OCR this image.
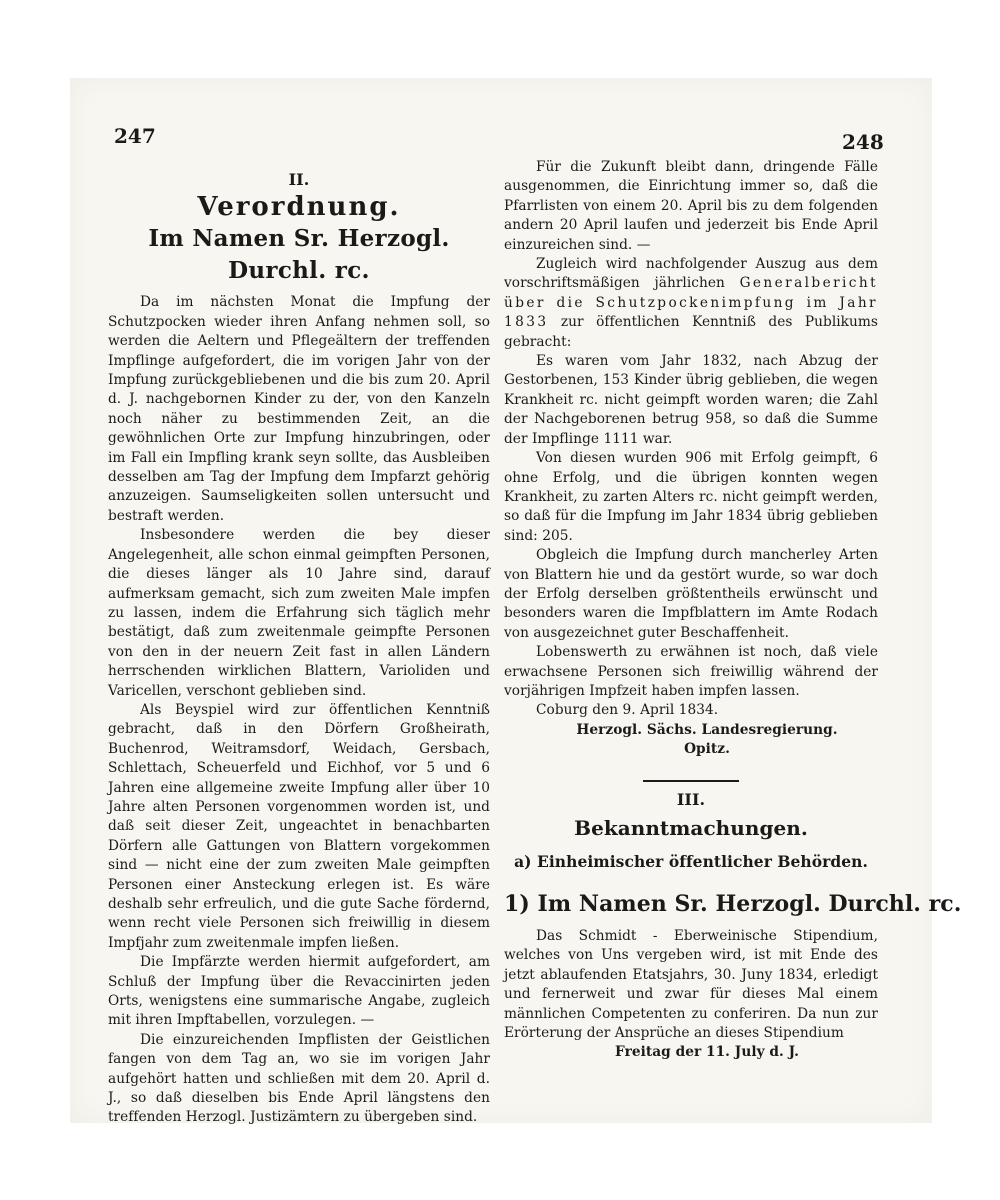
247	248
II.
Verordnung.
Im Namen Sr. Herzogl. Durchl. rc.

Da im nächsten Monat die Impfung der Schutzpocken wieder ihren Anfang nehmen soll, so werden die Aeltern und Pflegeältern der treffenden Impflinge aufgefordert, die im vorigen Jahr von der Impfung zurückgebliebenen und die bis zum 20. April d. J. nachgebornen Kinder zu der, von den Kanzeln noch näher zu bestimmenden Zeit, an die gewöhnlichen Orte zur Impfung hinzubringen, oder im Fall ein Impfling krank seyn sollte, das Ausbleiben desselben am Tag der Impfung dem Impfarzt gehörig anzuzeigen. Saumseligkeiten sollen untersucht und bestraft werden.

Insbesondere werden die bey dieser Angelegenheit, alle schon einmal geimpften Personen, die dieses länger als 10 Jahre sind, darauf aufmerksam gemacht, sich zum zweiten Male impfen zu lassen, indem die Erfahrung sich täglich mehr bestätigt, daß zum zweitenmale geimpfte Personen von den in der neuern Zeit fast in allen Ländern herrschenden wirklichen Blattern, Varioliden und Varicellen, verschont geblieben sind.

Als Beyspiel wird zur öffentlichen Kenntniß gebracht, daß in den Dörfern Großheirath, Buchenrod, Weitramsdorf, Weidach, Gersbach, Schlettach, Scheuerfeld und Eichhof, vor 5 und 6 Jahren eine allgemeine zweite Impfung aller über 10 Jahre alten Personen vorgenommen worden ist, und daß seit dieser Zeit, ungeachtet in benachbarten Dörfern alle Gattungen von Blattern vorgekommen sind — nicht eine der zum zweiten Male geimpften Personen einer Ansteckung erlegen ist. Es wäre deshalb sehr erfreulich, und die gute Sache fördernd, wenn recht viele Personen sich freiwillig in diesem Impfjahr zum zweitenmale impfen ließen.

Die Impfärzte werden hiermit aufgefordert, am Schluß der Impfung über die Revaccinirten jeden Orts, wenigstens eine summarische Angabe, zugleich mit ihren Impftabellen, vorzulegen. —

Die einzureichenden Impflisten der Geistlichen fangen von dem Tag an, wo sie im vorigen Jahr aufgehört hatten und schließen mit dem 20. April d. J., so daß dieselben bis Ende April längstens den treffenden Herzogl. Justizämtern zu übergeben sind.

Für die Zukunft bleibt dann, dringende Fälle ausgenommen, die Einrichtung immer so, daß die Pfarrlisten von einem 20. April bis zu dem folgenden andern 20 April laufen und jederzeit bis Ende April einzureichen sind. —

Zugleich wird nachfolgender Auszug aus dem vorschriftsmäßigen jährlichen Generalbericht über die Schutzpockenimpfung im Jahr 1833 zur öffentlichen Kenntniß des Publikums gebracht:

Es waren vom Jahr 1832, nach Abzug der Gestorbenen, 153 Kinder übrig geblieben, die wegen Krankheit rc. nicht geimpft worden waren; die Zahl der Nachgeborenen betrug 958, so daß die Summe der Impflinge 1111 war.

Von diesen wurden 906 mit Erfolg geimpft, 6 ohne Erfolg, und die übrigen konnten wegen Krankheit, zu zarten Alters rc. nicht geimpft werden, so daß für die Impfung im Jahr 1834 übrig geblieben sind: 205.

Obgleich die Impfung durch mancherley Arten von Blattern hie und da gestört wurde, so war doch der Erfolg derselben größtentheils erwünscht und besonders waren die Impfblattern im Amte Rodach von ausgezeichnet guter Beschaffenheit.

Lobenswerth zu erwähnen ist noch, daß viele erwachsene Personen sich freiwillig während der vorjährigen Impfzeit haben impfen lassen.

Coburg den 9. April 1834.

Herzogl. Sächs. Landesregierung.

Opitz.

III.
Bekanntmachungen.
a) Einheimischer öffentlicher Behörden.
1) Im Namen Sr. Herzogl. Durchl. rc.

Das Schmidt - Eberweinische Stipendium, welches von Uns vergeben wird, ist mit Ende des jetzt ablaufenden Etatsjahrs, 30. Juny 1834, erledigt und fernerweit und zwar für dieses Mal einem männlichen Competenten zu conferiren. Da nun zur Erörterung der Ansprüche an dieses Stipendium

Freitag der 11. July d. J.
